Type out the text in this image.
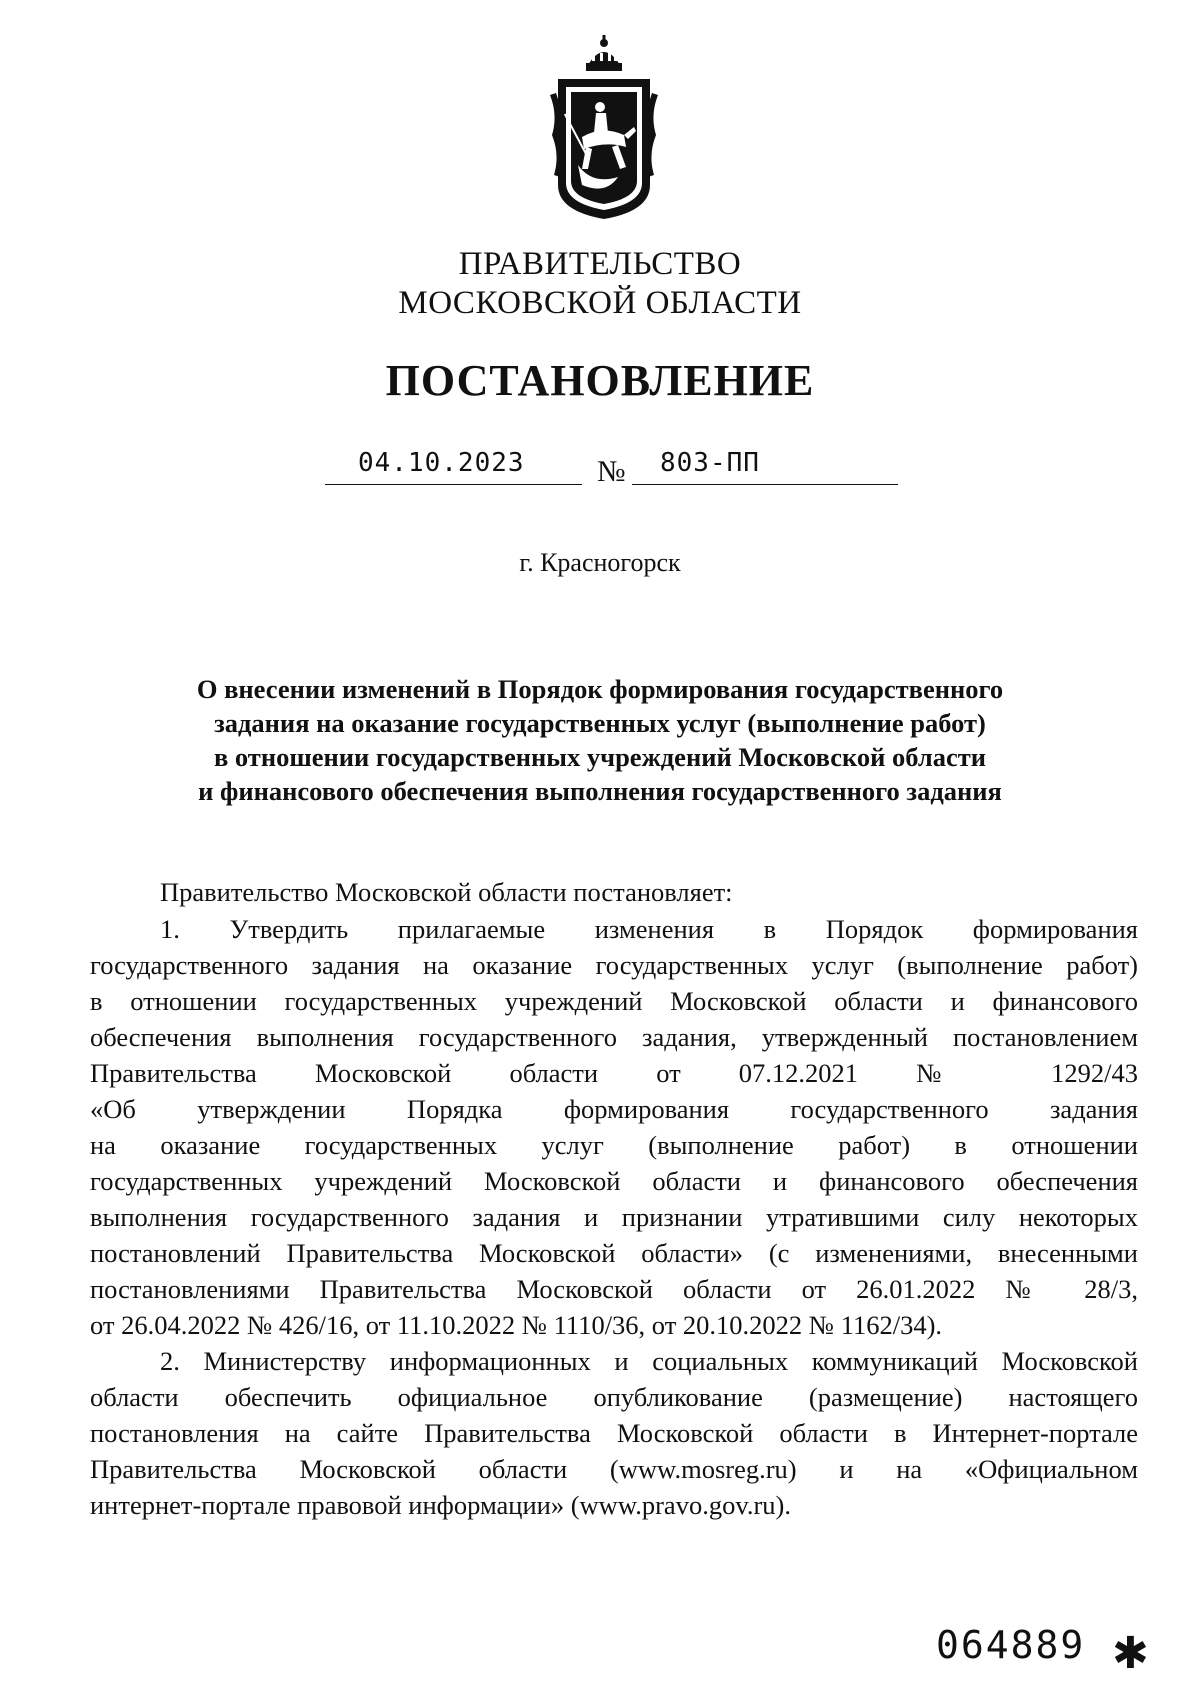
ПРАВИТЕЛЬСТВО
МОСКОВСКОЙ ОБЛАСТИ
ПОСТАНОВЛЕНИЕ
04.10.2023 № 803-ПП
г. Красногорск
О внесении изменений в Порядок формирования государственного
задания на оказание государственных услуг (выполнение работ)
в отношении государственных учреждений Московской области
и финансового обеспечения выполнения государственного задания
Правительство Московской области постановляет:
1. Утвердить прилагаемые изменения в Порядок формирования
государственного задания на оказание государственных услуг (выполнение работ)
в отношении государственных учреждений Московской области и финансового
обеспечения выполнения государственного задания, утвержденный постановлением
Правительства Московской области от 07.12.2021 № 1292/43
«Об утверждении Порядка формирования государственного задания
на оказание государственных услуг (выполнение работ) в отношении
государственных учреждений Московской области и финансового обеспечения
выполнения государственного задания и признании утратившими силу некоторых
постановлений Правительства Московской области» (с изменениями, внесенными
постановлениями Правительства Московской области от 26.01.2022 № 28/3,
от 26.04.2022 № 426/16, от 11.10.2022 № 1110/36, от 20.10.2022 № 1162/34).
2. Министерству информационных и социальных коммуникаций Московской
области обеспечить официальное опубликование (размещение) настоящего
постановления на сайте Правительства Московской области в Интернет-портале
Правительства Московской области (www.mosreg.ru) и на «Официальном
интернет-портале правовой информации» (www.pravo.gov.ru).
064889 ✱
